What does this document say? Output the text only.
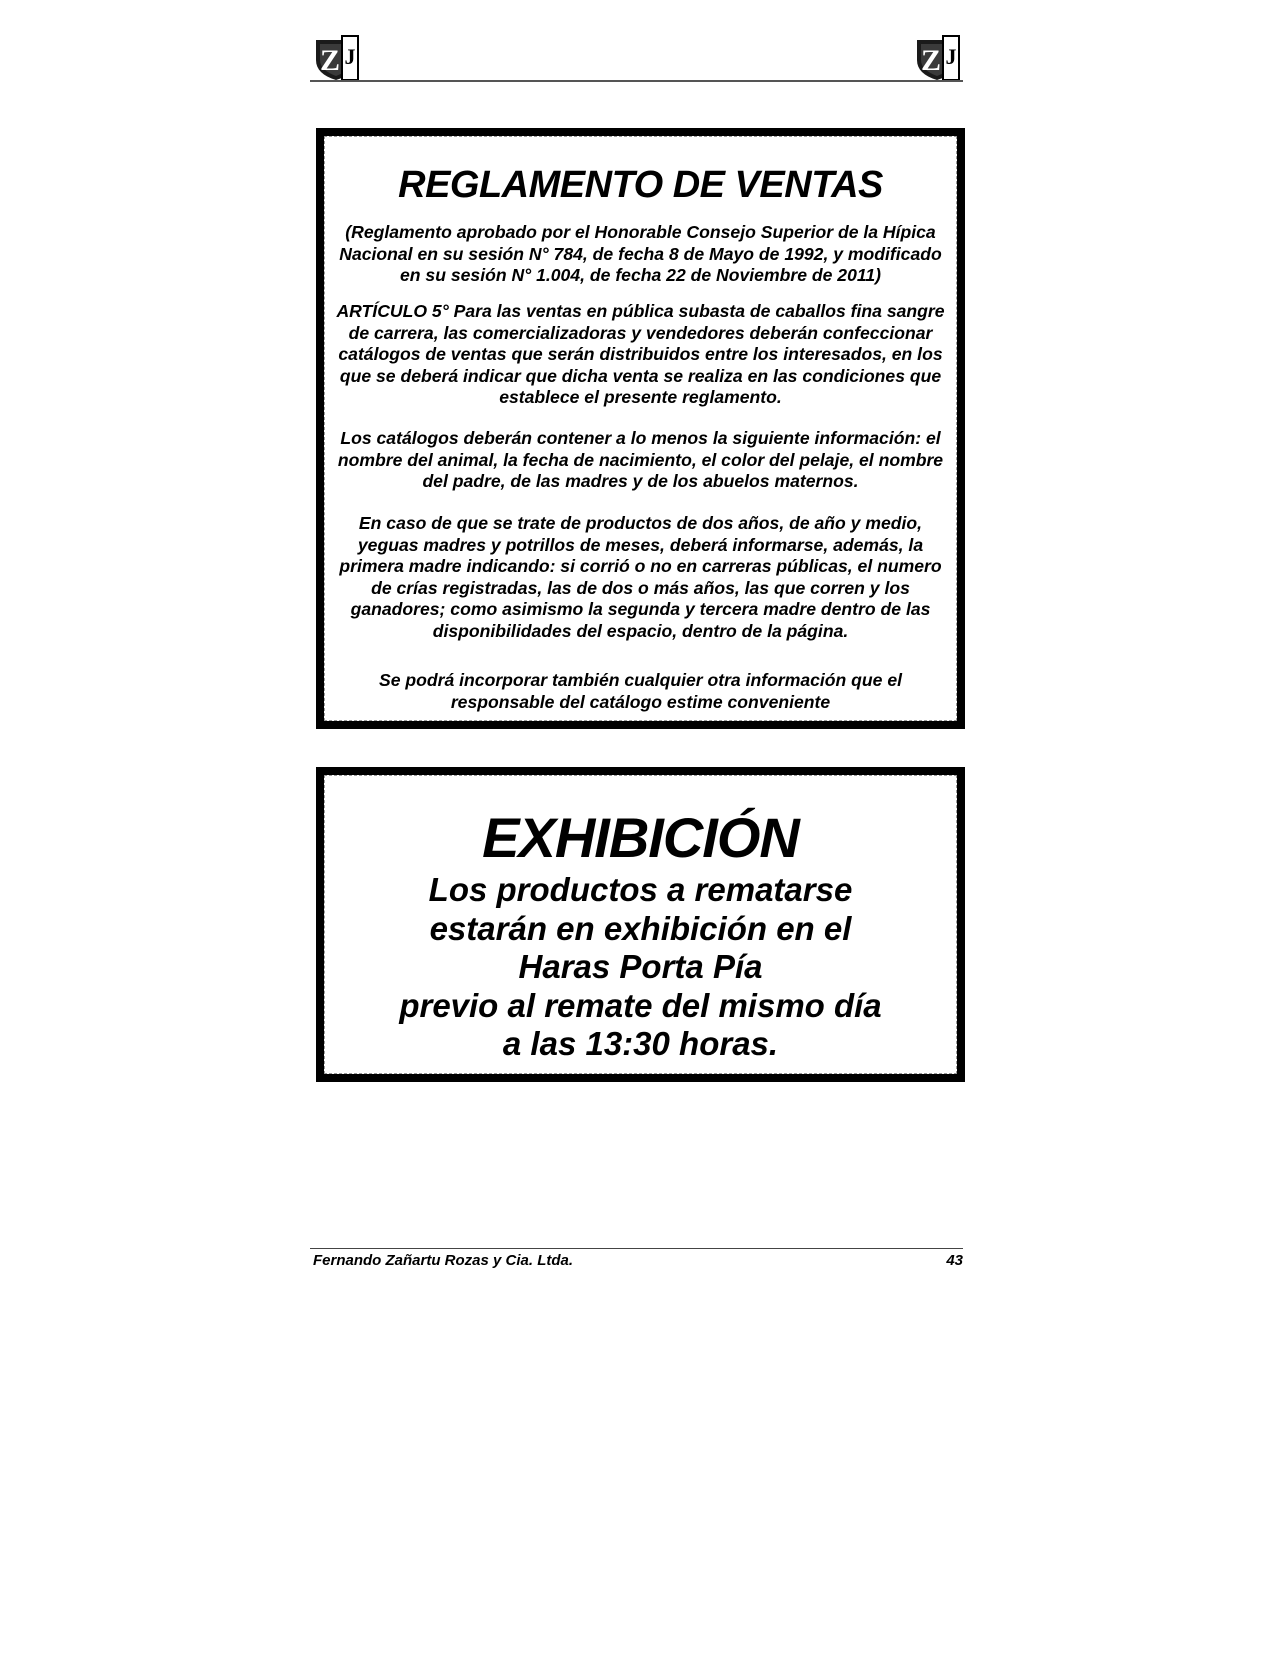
Z J	Z J
REGLAMENTO DE VENTAS

(Reglamento aprobado por el Honorable Consejo Superior de la Hípica Nacional en su sesión N° 784, de fecha 8 de Mayo de 1992, y modificado en su sesión N° 1.004, de fecha 22 de Noviembre de 2011)

ARTÍCULO 5° Para las ventas en pública subasta de caballos fina sangre de carrera, las comercializadoras y vendedores deberán confeccionar catálogos de ventas que serán distribuidos entre los interesados, en los que se deberá indicar que dicha venta se realiza en las condiciones que establece el presente reglamento.

Los catálogos deberán contener a lo menos la siguiente información: el nombre del animal, la fecha de nacimiento, el color del pelaje, el nombre del padre, de las madres y de los abuelos maternos.

En caso de que se trate de productos de dos años, de año y medio, yeguas madres y potrillos de meses, deberá informarse, además, la primera madre indicando: si corrió o no en carreras públicas, el numero de crías registradas, las de dos o más años, las que corren y los ganadores; como asimismo la segunda y tercera madre dentro de las disponibilidades del espacio, dentro de la página.

Se podrá incorporar también cualquier otra información que el responsable del catálogo estime conveniente

EXHIBICIÓN
Los productos a rematarse
estarán en exhibición en el
Haras Porta Pía
previo al remate del mismo día
a las 13:30 horas.
Fernando Zañartu Rozas y Cia. Ltda.	43
